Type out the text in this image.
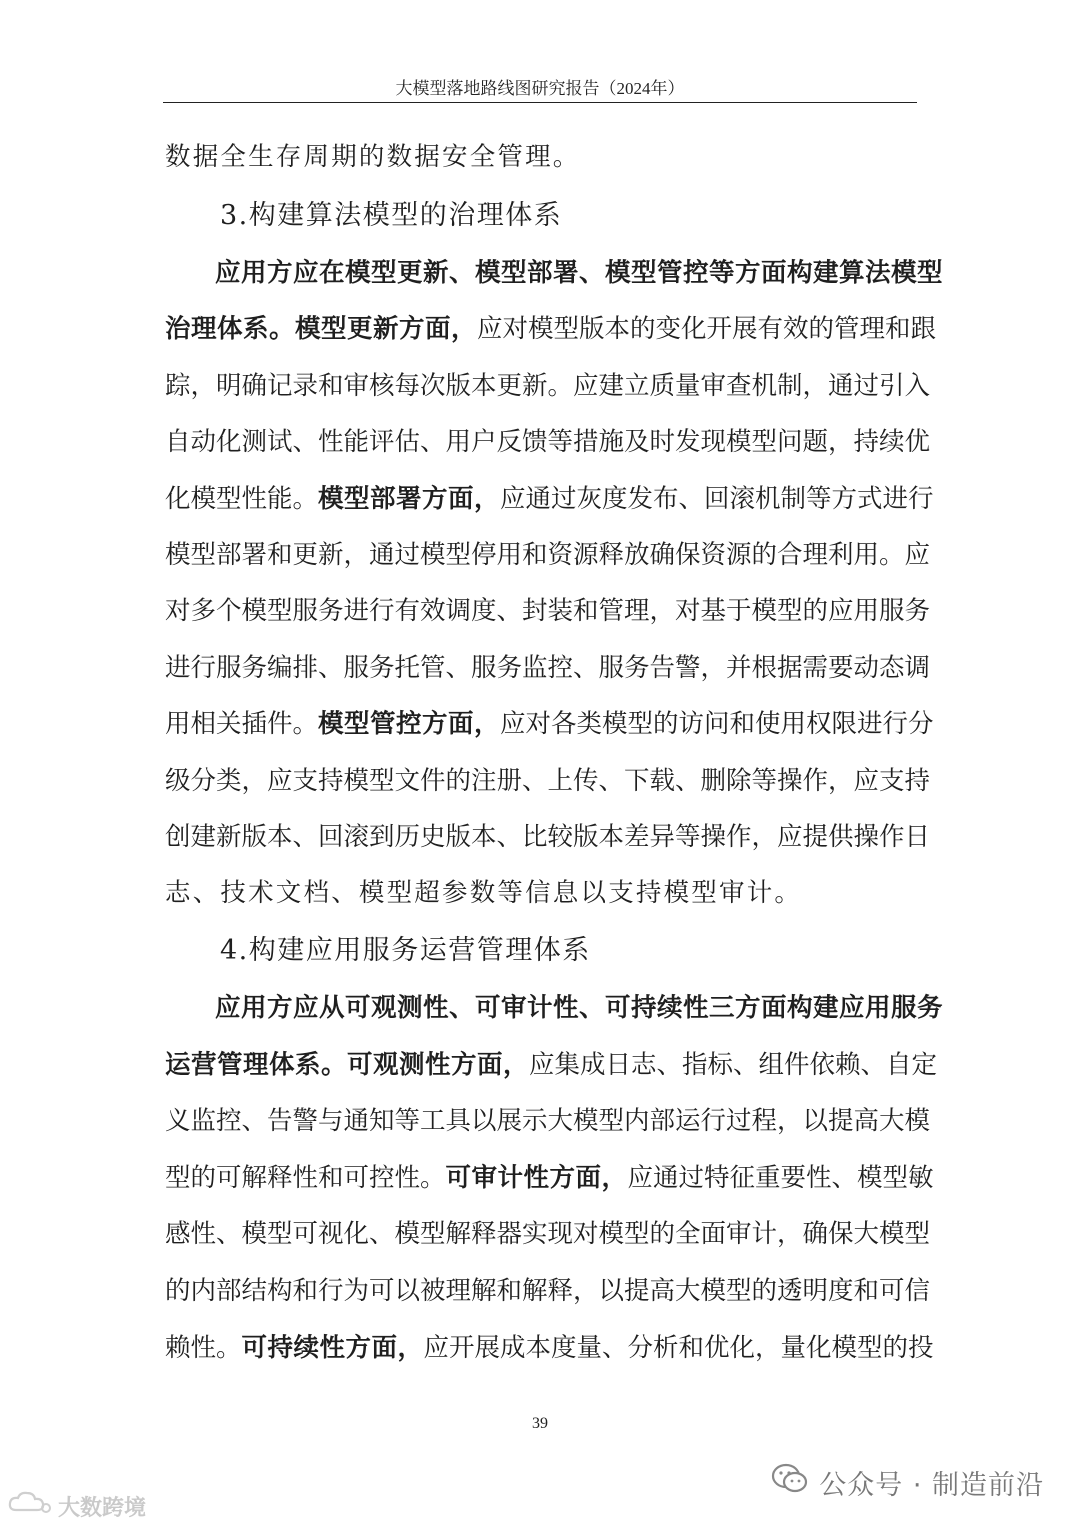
大模型落地路线图研究报告（2024年）
数据全生存周期的数据安全管理。
3.构建算法模型的治理体系
应用方应在模型更新、模型部署、模型管控等方面构建算法模型
治理体系。模型更新方面，应对模型版本的变化开展有效的管理和跟
踪，明确记录和审核每次版本更新。应建立质量审查机制，通过引入
自动化测试、性能评估、用户反馈等措施及时发现模型问题，持续优
化模型性能。模型部署方面，应通过灰度发布、回滚机制等方式进行
模型部署和更新，通过模型停用和资源释放确保资源的合理利用。应
对多个模型服务进行有效调度、封装和管理，对基于模型的应用服务
进行服务编排、服务托管、服务监控、服务告警，并根据需要动态调
用相关插件。模型管控方面，应对各类模型的访问和使用权限进行分
级分类，应支持模型文件的注册、上传、下载、删除等操作，应支持
创建新版本、回滚到历史版本、比较版本差异等操作，应提供操作日
志、技术文档、模型超参数等信息以支持模型审计。
4.构建应用服务运营管理体系
应用方应从可观测性、可审计性、可持续性三方面构建应用服务
运营管理体系。可观测性方面，应集成日志、指标、组件依赖、自定
义监控、告警与通知等工具以展示大模型内部运行过程，以提高大模
型的可解释性和可控性。可审计性方面，应通过特征重要性、模型敏
感性、模型可视化、模型解释器实现对模型的全面审计，确保大模型
的内部结构和行为可以被理解和解释，以提高大模型的透明度和可信
赖性。可持续性方面，应开展成本度量、分析和优化，量化模型的投
39
公众号 · 制造前沿
大数跨境
